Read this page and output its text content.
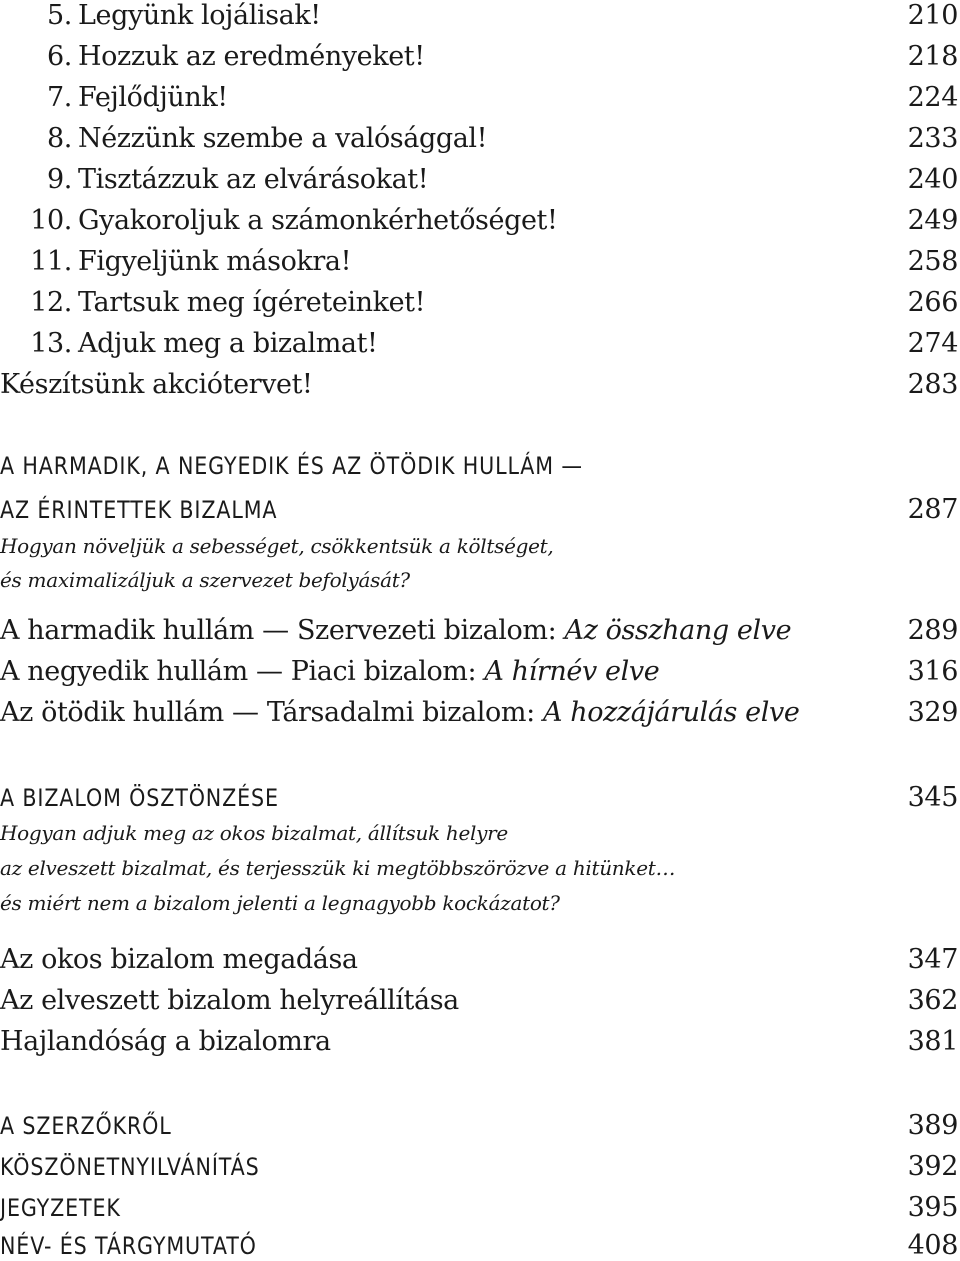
5. Legyünk lojálisak!	210
6. Hozzuk az eredményeket!	218
7. Fejlődjünk!	224
8. Nézzünk szembe a valósággal!	233
9. Tisztázzuk az elvárásokat!	240
10. Gyakoroljuk a számonkérhetőséget!	249
11. Figyeljünk másokra!	258
12. Tartsuk meg ígéreteinket!	266
13. Adjuk meg a bizalmat!	274
Készítsünk akciótervet!	283
A HARMADIK, A NEGYEDIK ÉS AZ ÖTÖDIK HULLÁM —
AZ ÉRINTETTEK BIZALMA	287
Hogyan növeljük a sebességet, csökkentsük a költséget,
és maximalizáljuk a szervezet befolyását?
A harmadik hullám — Szervezeti bizalom: Az összhang elve	289
A negyedik hullám — Piaci bizalom: A hírnév elve	316
Az ötödik hullám — Társadalmi bizalom: A hozzájárulás elve	329
A BIZALOM ÖSZTÖNZÉSE	345
Hogyan adjuk meg az okos bizalmat, állítsuk helyre
az elveszett bizalmat, és terjesszük ki megtöbbszörözve a hitünket…
és miért nem a bizalom jelenti a legnagyobb kockázatot?
Az okos bizalom megadása	347
Az elveszett bizalom helyreállítása	362
Hajlandóság a bizalomra	381
A SZERZŐKRŐL	389
KÖSZÖNETNYILVÁNÍTÁS	392
JEGYZETEK	395
NÉV- ÉS TÁRGYMUTATÓ	408
